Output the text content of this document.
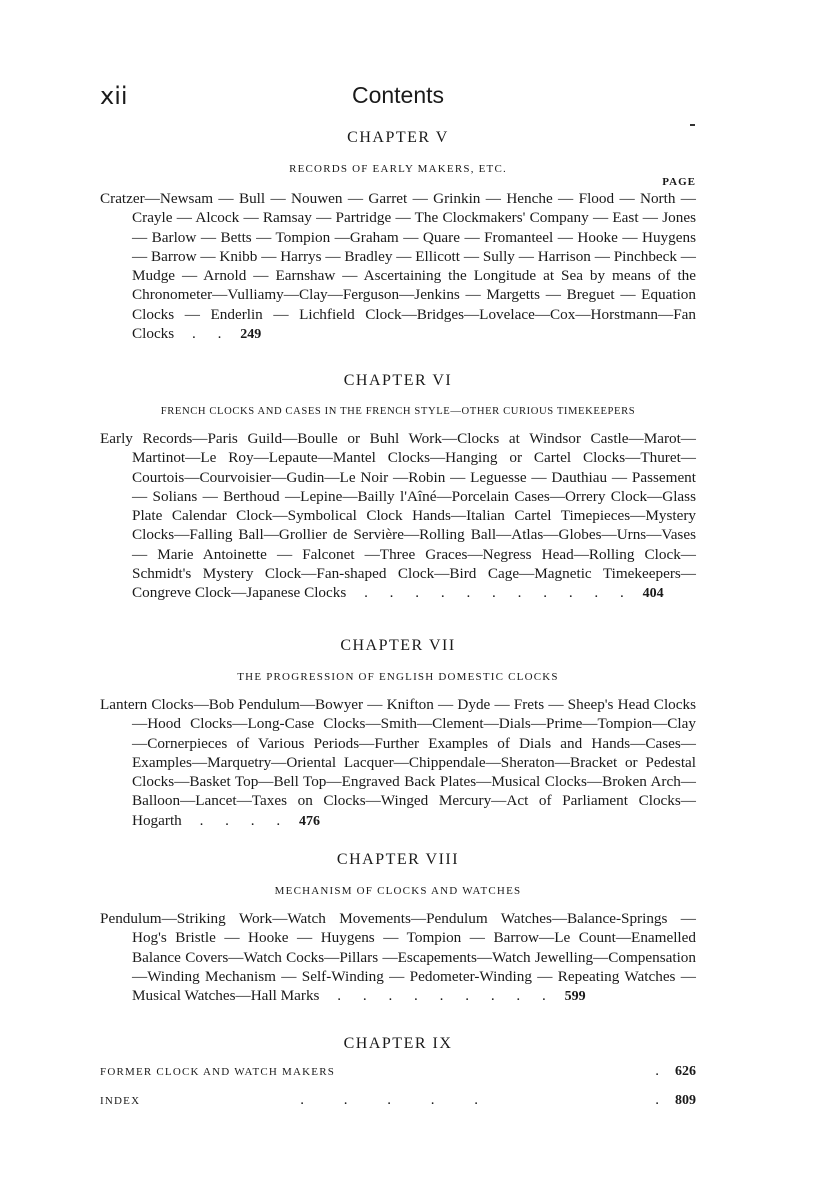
xii	Contents
CHAPTER V
RECORDS OF EARLY MAKERS, ETC.
PAGE
Cratzer—Newsam — Bull — Nouwen — Garret — Grinkin — Henche — Flood — North — Crayle — Alcock — Ramsay — Partridge — The Clockmakers' Company — East — Jones — Barlow — Betts — Tompion —Graham — Quare — Fromanteel — Hooke — Huygens — Barrow — Knibb — Harrys — Bradley — Ellicott — Sully — Harrison — Pinchbeck — Mudge — Arnold — Earnshaw — Ascertaining the Longitude at Sea by means of the Chronometer—Vulliamy—Clay—Ferguson—Jenkins — Margetts — Breguet — Equation Clocks — Enderlin — Lichfield Clock—Bridges—Lovelace—Cox—Horstmann—Fan Clocks . . 249
CHAPTER VI
FRENCH CLOCKS AND CASES IN THE FRENCH STYLE—OTHER CURIOUS TIMEKEEPERS
Early Records—Paris Guild—Boulle or Buhl Work—Clocks at Windsor Castle—Marot—Martinot—Le Roy—Lepaute—Mantel Clocks—Hanging or Cartel Clocks—Thuret—Courtois—Courvoisier—Gudin—Le Noir —Robin — Leguesse — Dauthiau — Passement — Solians — Berthoud —Lepine—Bailly l'Aîné—Porcelain Cases—Orrery Clock—Glass Plate Calendar Clock—Symbolical Clock Hands—Italian Cartel Timepieces—Mystery Clocks—Falling Ball—Grollier de Servière—Rolling Ball—Atlas—Globes—Urns—Vases — Marie Antoinette — Falconet —Three Graces—Negress Head—Rolling Clock—Schmidt's Mystery Clock—Fan-shaped Clock—Bird Cage—Magnetic Timekeepers—Congreve Clock—Japanese Clocks . . . . . . . . . . . 404
CHAPTER VII
THE PROGRESSION OF ENGLISH DOMESTIC CLOCKS
Lantern Clocks—Bob Pendulum—Bowyer — Knifton — Dyde — Frets — Sheep's Head Clocks—Hood Clocks—Long-Case Clocks—Smith—Clement—Dials—Prime—Tompion—Clay—Cornerpieces of Various Periods—Further Examples of Dials and Hands—Cases—Examples—Marquetry—Oriental Lacquer—Chippendale—Sheraton—Bracket or Pedestal Clocks—Basket Top—Bell Top—Engraved Back Plates—Musical Clocks—Broken Arch—Balloon—Lancet—Taxes on Clocks—Winged Mercury—Act of Parliament Clocks—Hogarth . . . . 476
CHAPTER VIII
MECHANISM OF CLOCKS AND WATCHES
Pendulum—Striking Work—Watch Movements—Pendulum Watches—Balance-Springs — Hog's Bristle — Hooke — Huygens — Tompion — Barrow—Le Count—Enamelled Balance Covers—Watch Cocks—Pillars —Escapements—Watch Jewelling—Compensation—Winding Mechanism — Self-Winding — Pedometer-Winding — Repeating Watches — Musical Watches—Hall Marks . . . . . . . . . 599
CHAPTER IX
FORMER CLOCK AND WATCH MAKERS	. 626
INDEX	. . . . .	. 809
